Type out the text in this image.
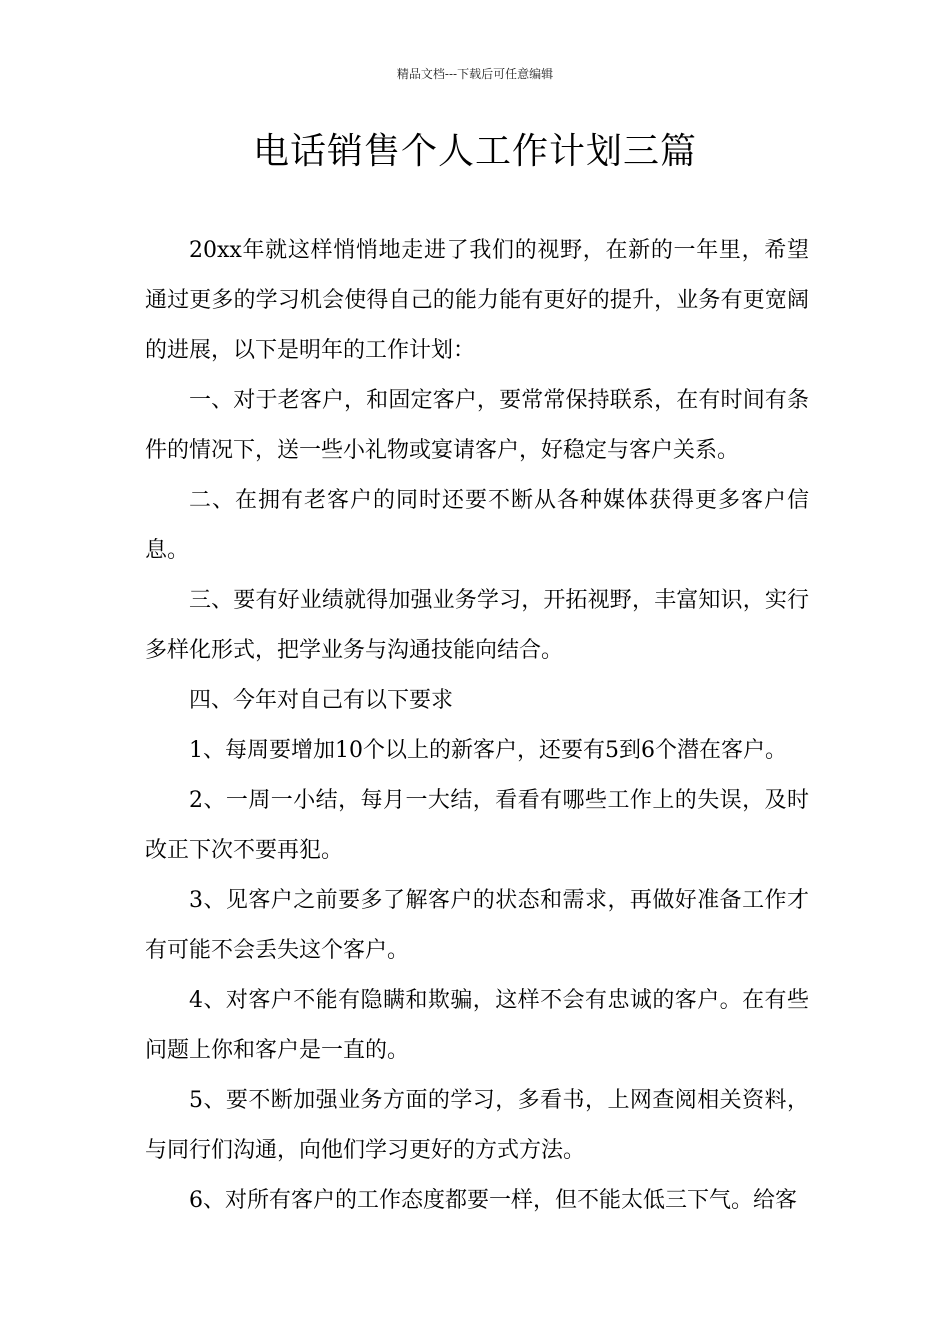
精品文档---下载后可任意编辑
电话销售个人工作计划三篇

20xx年就这样悄悄地走进了我们的视野，在新的一年里，希望通过更多的学习机会使得自己的能力能有更好的提升，业务有更宽阔的进展，以下是明年的工作计划：

一、对于老客户，和固定客户，要常常保持联系，在有时间有条件的情况下，送一些小礼物或宴请客户，好稳定与客户关系。

二、在拥有老客户的同时还要不断从各种媒体获得更多客户信息。

三、要有好业绩就得加强业务学习，开拓视野，丰富知识，实行多样化形式，把学业务与沟通技能向结合。

四、今年对自己有以下要求

1、每周要增加10个以上的新客户，还要有5到6个潜在客户。

2、一周一小结，每月一大结，看看有哪些工作上的失误，及时改正下次不要再犯。

3、见客户之前要多了解客户的状态和需求，再做好准备工作才有可能不会丢失这个客户。

4、对客户不能有隐瞒和欺骗，这样不会有忠诚的客户。在有些问题上你和客户是一直的。

5、要不断加强业务方面的学习，多看书，上网查阅相关资料，与同行们沟通，向他们学习更好的方式方法。

6、对所有客户的工作态度都要一样，但不能太低三下气。给客
